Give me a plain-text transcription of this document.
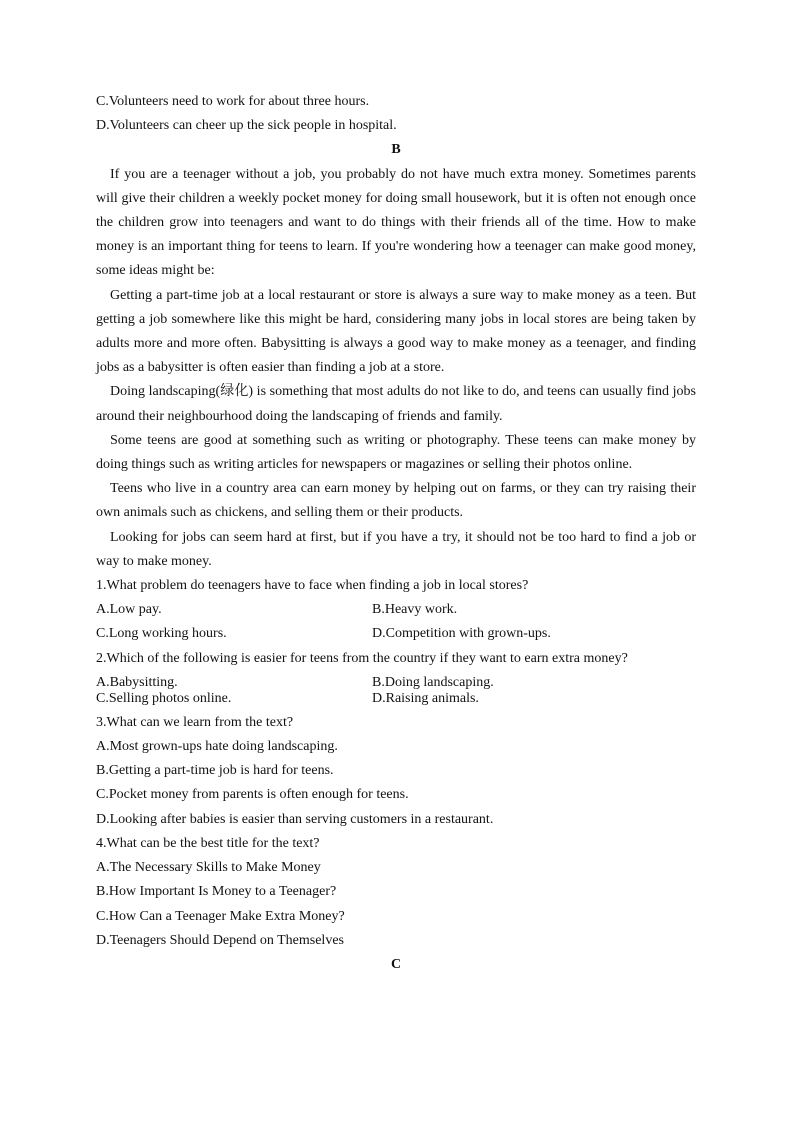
C.Volunteers need to work for about three hours.
D.Volunteers can cheer up the sick people in hospital.
B

If you are a teenager without a job, you probably do not have much extra money. Sometimes parents will give their children a weekly pocket money for doing small housework, but it is often not enough once the children grow into teenagers and want to do things with their friends all of the time. How to make money is an important thing for teens to learn. If you're wondering how a teenager can make good money, some ideas might be:

Getting a part-time job at a local restaurant or store is always a sure way to make money as a teen. But getting a job somewhere like this might be hard, considering many jobs in local stores are being taken by adults more and more often. Babysitting is always a good way to make money as a teenager, and finding jobs as a babysitter is often easier than finding a job at a store.

Doing landscaping(绿化) is something that most adults do not like to do, and teens can usually find jobs around their neighbourhood doing the landscaping of friends and family.

Some teens are good at something such as writing or photography. These teens can make money by doing things such as writing articles for newspapers or magazines or selling their photos online.

Teens who live in a country area can earn money by helping out on farms, or they can try raising their own animals such as chickens, and selling them or their products.

Looking for jobs can seem hard at first, but if you have a try, it should not be too hard to find a job or way to make money.

1.What problem do teenagers have to face when finding a job in local stores?
A.Low pay.	B.Heavy work.
C.Long working hours.	D.Competition with grown-ups.
2.Which of the following is easier for teens from the country if they want to earn extra money?
A.Babysitting.	B.Doing landscaping.
C.Selling photos online.	D.Raising animals.
3.What can we learn from the text?
A.Most grown-ups hate doing landscaping.
B.Getting a part-time job is hard for teens.
C.Pocket money from parents is often enough for teens.
D.Looking after babies is easier than serving customers in a restaurant.
4.What can be the best title for the text?
A.The Necessary Skills to Make Money
B.How Important Is Money to a Teenager?
C.How Can a Teenager Make Extra Money?
D.Teenagers Should Depend on Themselves
C
